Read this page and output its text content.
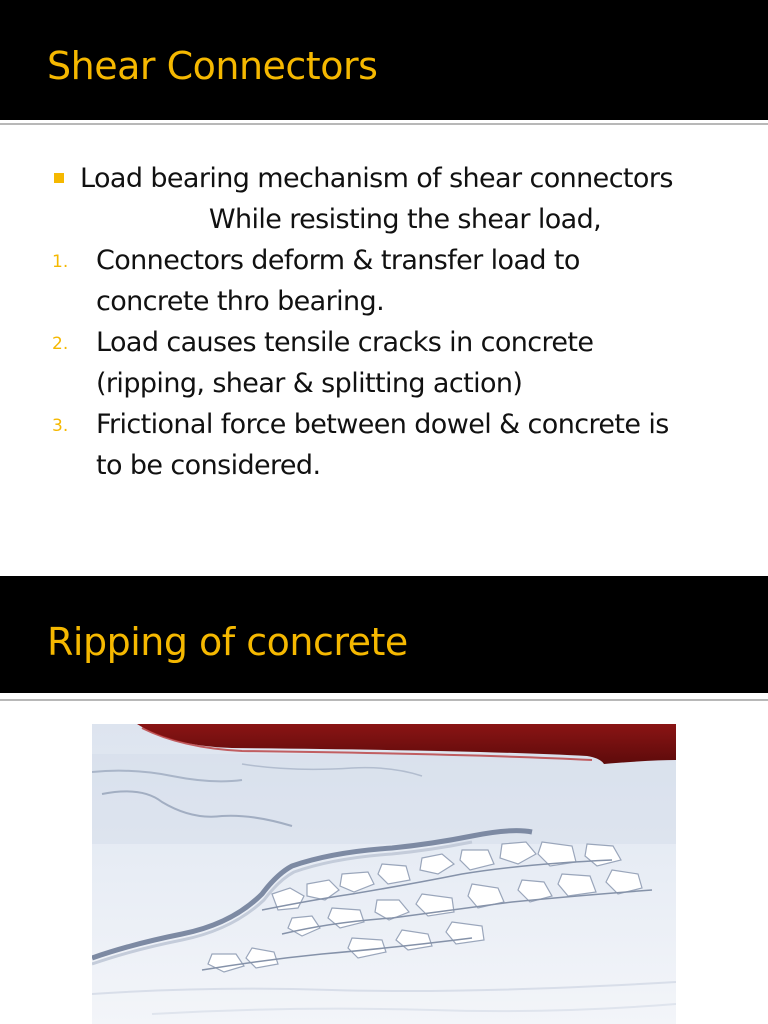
Shear Connectors
Load bearing mechanism of shear connectors
While resisting the shear load,
1. Connectors deform & transfer load to
concrete thro bearing.
2. Load causes tensile cracks in concrete
(ripping, shear & splitting action)
3. Frictional force between dowel & concrete is
to be considered.
Ripping of concrete
